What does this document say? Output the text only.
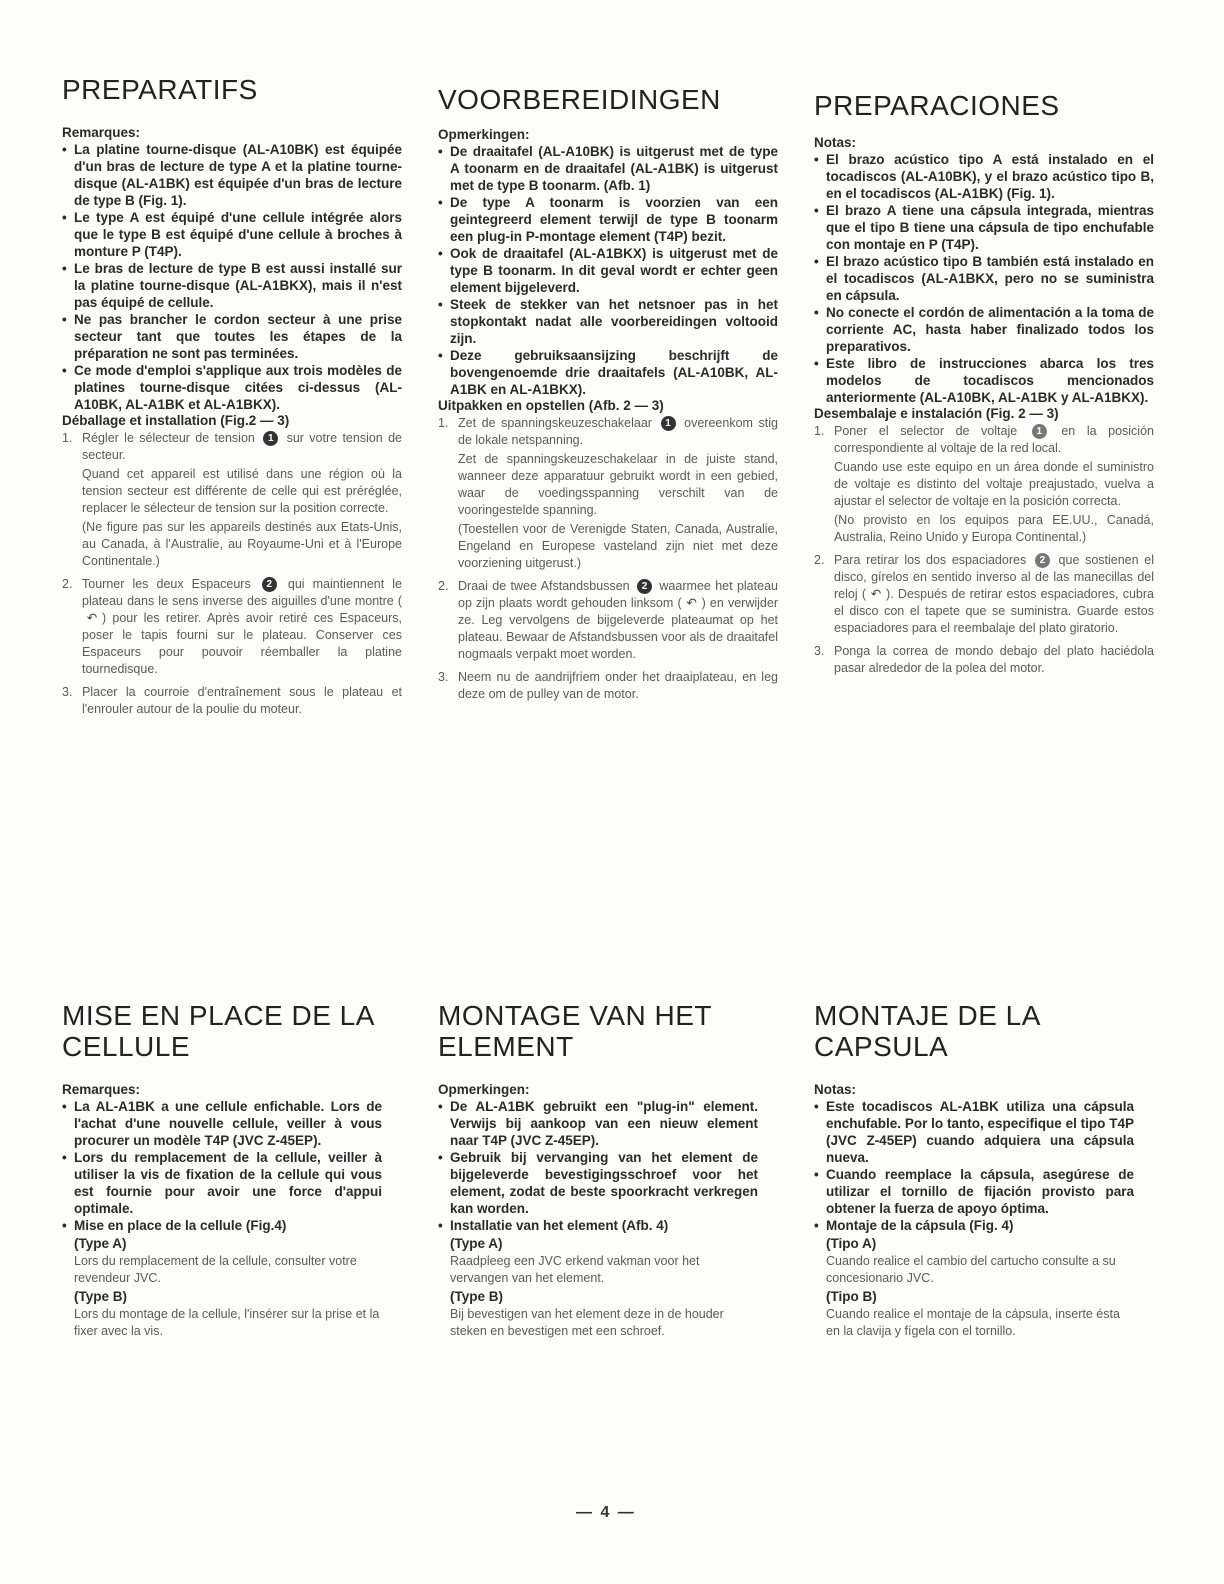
PREPARATIFS
Remarques:
• La platine tourne-disque (AL-A10BK) est équipée d'un bras de lecture de type A et la platine tourne-disque (AL-A1BK) est équipée d'un bras de lecture de type B (Fig. 1).
• Le type A est équipé d'une cellule intégrée alors que le type B est équipé d'une cellule à broches à monture P (T4P).
• Le bras de lecture de type B est aussi installé sur la platine tourne-disque (AL-A1BKX), mais il n'est pas équipé de cellule.
• Ne pas brancher le cordon secteur à une prise secteur tant que toutes les étapes de la préparation ne sont pas terminées.
• Ce mode d'emploi s'applique aux trois modèles de platines tourne-disque citées ci-dessus (AL-A10BK, AL-A1BK et AL-A1BKX).
Déballage et installation (Fig.2 — 3)
1. Régler le sélecteur de tension 1 sur votre tension de secteur.
Quand cet appareil est utilisé dans une région où la tension secteur est différente de celle qui est préréglée, replacer le sélecteur de tension sur la position correcte.
(Ne figure pas sur les appareils destinés aux Etats-Unis, au Canada, à l'Australie, au Royaume-Uni et à l'Europe Continentale.)
2. Tourner les deux Espaceurs 2 qui maintiennent le plateau dans le sens inverse des aiguilles d'une montre (↶ ) pour les retirer. Après avoir retiré ces Espaceurs, poser le tapis fourni sur le plateau. Conserver ces Espaceurs pour pouvoir réemballer la platine tournedisque.
3. Placer la courroie d'entraînement sous le plateau et l'enrouler autour de la poulie du moteur.
VOORBEREIDINGEN
Opmerkingen:
• De draaitafel (AL-A10BK) is uitgerust met de type A toonarm en de draaitafel (AL-A1BK) is uitgerust met de type B toonarm. (Afb. 1)
• De type A toonarm is voorzien van een geintegreerd element terwijl de type B toonarm een plug-in P-montage element (T4P) bezit.
• Ook de draaitafel (AL-A1BKX) is uitgerust met de type B toonarm. In dit geval wordt er echter geen element bijgeleverd.
• Steek de stekker van het netsnoer pas in het stopkontakt nadat alle voorbereidingen voltooid zijn.
• Deze gebruiksaansijzing beschrijft de bovengenoemde drie draaitafels (AL-A10BK, AL-A1BK en AL-A1BKX).
Uitpakken en opstellen (Afb. 2 — 3)
1. Zet de spanningskeuzeschakelaar 1 overeenkom stig de lokale netspanning.
Zet de spanningskeuzeschakelaar in de juiste stand, wanneer deze apparatuur gebruikt wordt in een gebied, waar de voedingsspanning verschilt van de vooringestelde spanning.
(Toestellen voor de Verenigde Staten, Canada, Australie, Engeland en Europese vasteland zijn niet met deze voorziening uitgerust.)
2. Draai de twee Afstandsbussen 2 waarmee het plateau op zijn plaats wordt gehouden linksom ( ↶ ) en verwijder ze. Leg vervolgens de bijgeleverde plateaumat op het plateau. Bewaar de Afstandsbussen voor als de draaitafel nogmaals verpakt moet worden.
3. Neem nu de aandrijfriem onder het draaiplateau, en leg deze om de pulley van de motor.
PREPARACIONES
Notas:
• El brazo acústico tipo A está instalado en el tocadiscos (AL-A10BK), y el brazo acústico tipo B, en el tocadiscos (AL-A1BK) (Fig. 1).
• El brazo A tiene una cápsula integrada, mientras que el tipo B tiene una cápsula de tipo enchufable con montaje en P (T4P).
• El brazo acústico tipo B también está instalado en el tocadiscos (AL-A1BKX, pero no se suministra en cápsula.
• No conecte el cordón de alimentación a la toma de corriente AC, hasta haber finalizado todos los preparativos.
• Este libro de instrucciones abarca los tres modelos de tocadiscos mencionados anteriormente (AL-A10BK, AL-A1BK y AL-A1BKX).
Desembalaje e instalación (Fig. 2 — 3)
1. Poner el selector de voltaje 1 en la posición correspondiente al voltaje de la red local.
Cuando use este equipo en un área donde el suministro de voltaje es distinto del voltaje preajustado, vuelva a ajustar el selector de voltaje en la posición correcta.
(No provisto en los equipos para EE.UU., Canadá, Australia, Reino Unido y Europa Continental.)
2. Para retirar los dos espaciadores 2 que sostienen el disco, gírelos en sentido inverso al de las manecillas del reloj ( ↶ ). Después de retirar estos espaciadores, cubra el disco con el tapete que se suministra. Guarde estos espaciadores para el reembalaje del plato giratorio.
3. Ponga la correa de mondo debajo del plato haciédola pasar alrededor de la polea del motor.
MISE EN PLACE DE LA CELLULE
Remarques:
• La AL-A1BK a une cellule enfichable. Lors de l'achat d'une nouvelle cellule, veiller à vous procurer un modèle T4P (JVC Z-45EP).
• Lors du remplacement de la cellule, veiller à utiliser la vis de fixation de la cellule qui vous est fournie pour avoir une force d'appui optimale.
• Mise en place de la cellule (Fig.4)
(Type A)
Lors du remplacement de la cellule, consulter votre revendeur JVC.
(Type B)
Lors du montage de la cellule, l'insérer sur la prise et la fixer avec la vis.
MONTAGE VAN HET ELEMENT
Opmerkingen:
• De AL-A1BK gebruikt een "plug-in" element. Verwijs bij aankoop van een nieuw element naar T4P (JVC Z-45EP).
• Gebruik bij vervanging van het element de bijgeleverde bevestigingsschroef voor het element, zodat de beste spoorkracht verkregen kan worden.
• Installatie van het element (Afb. 4)
(Type A)
Raadpleeg een JVC erkend vakman voor het vervangen van het element.
(Type B)
Bij bevestigen van het element deze in de houder steken en bevestigen met een schroef.
MONTAJE DE LA CAPSULA
Notas:
• Este tocadiscos AL-A1BK utiliza una cápsula enchufable. Por lo tanto, especifique el tipo T4P (JVC Z-45EP) cuando adquiera una cápsula nueva.
• Cuando reemplace la cápsula, asegúrese de utilizar el tornillo de fijación provisto para obtener la fuerza de apoyo óptima.
• Montaje de la cápsula (Fig. 4)
(Tipo A)
Cuando realice el cambio del cartucho consulte a su concesionario JVC.
(Tipo B)
Cuando realice el montaje de la cápsula, inserte ésta en la clavija y fígela con el tornillo.
— 4 —
